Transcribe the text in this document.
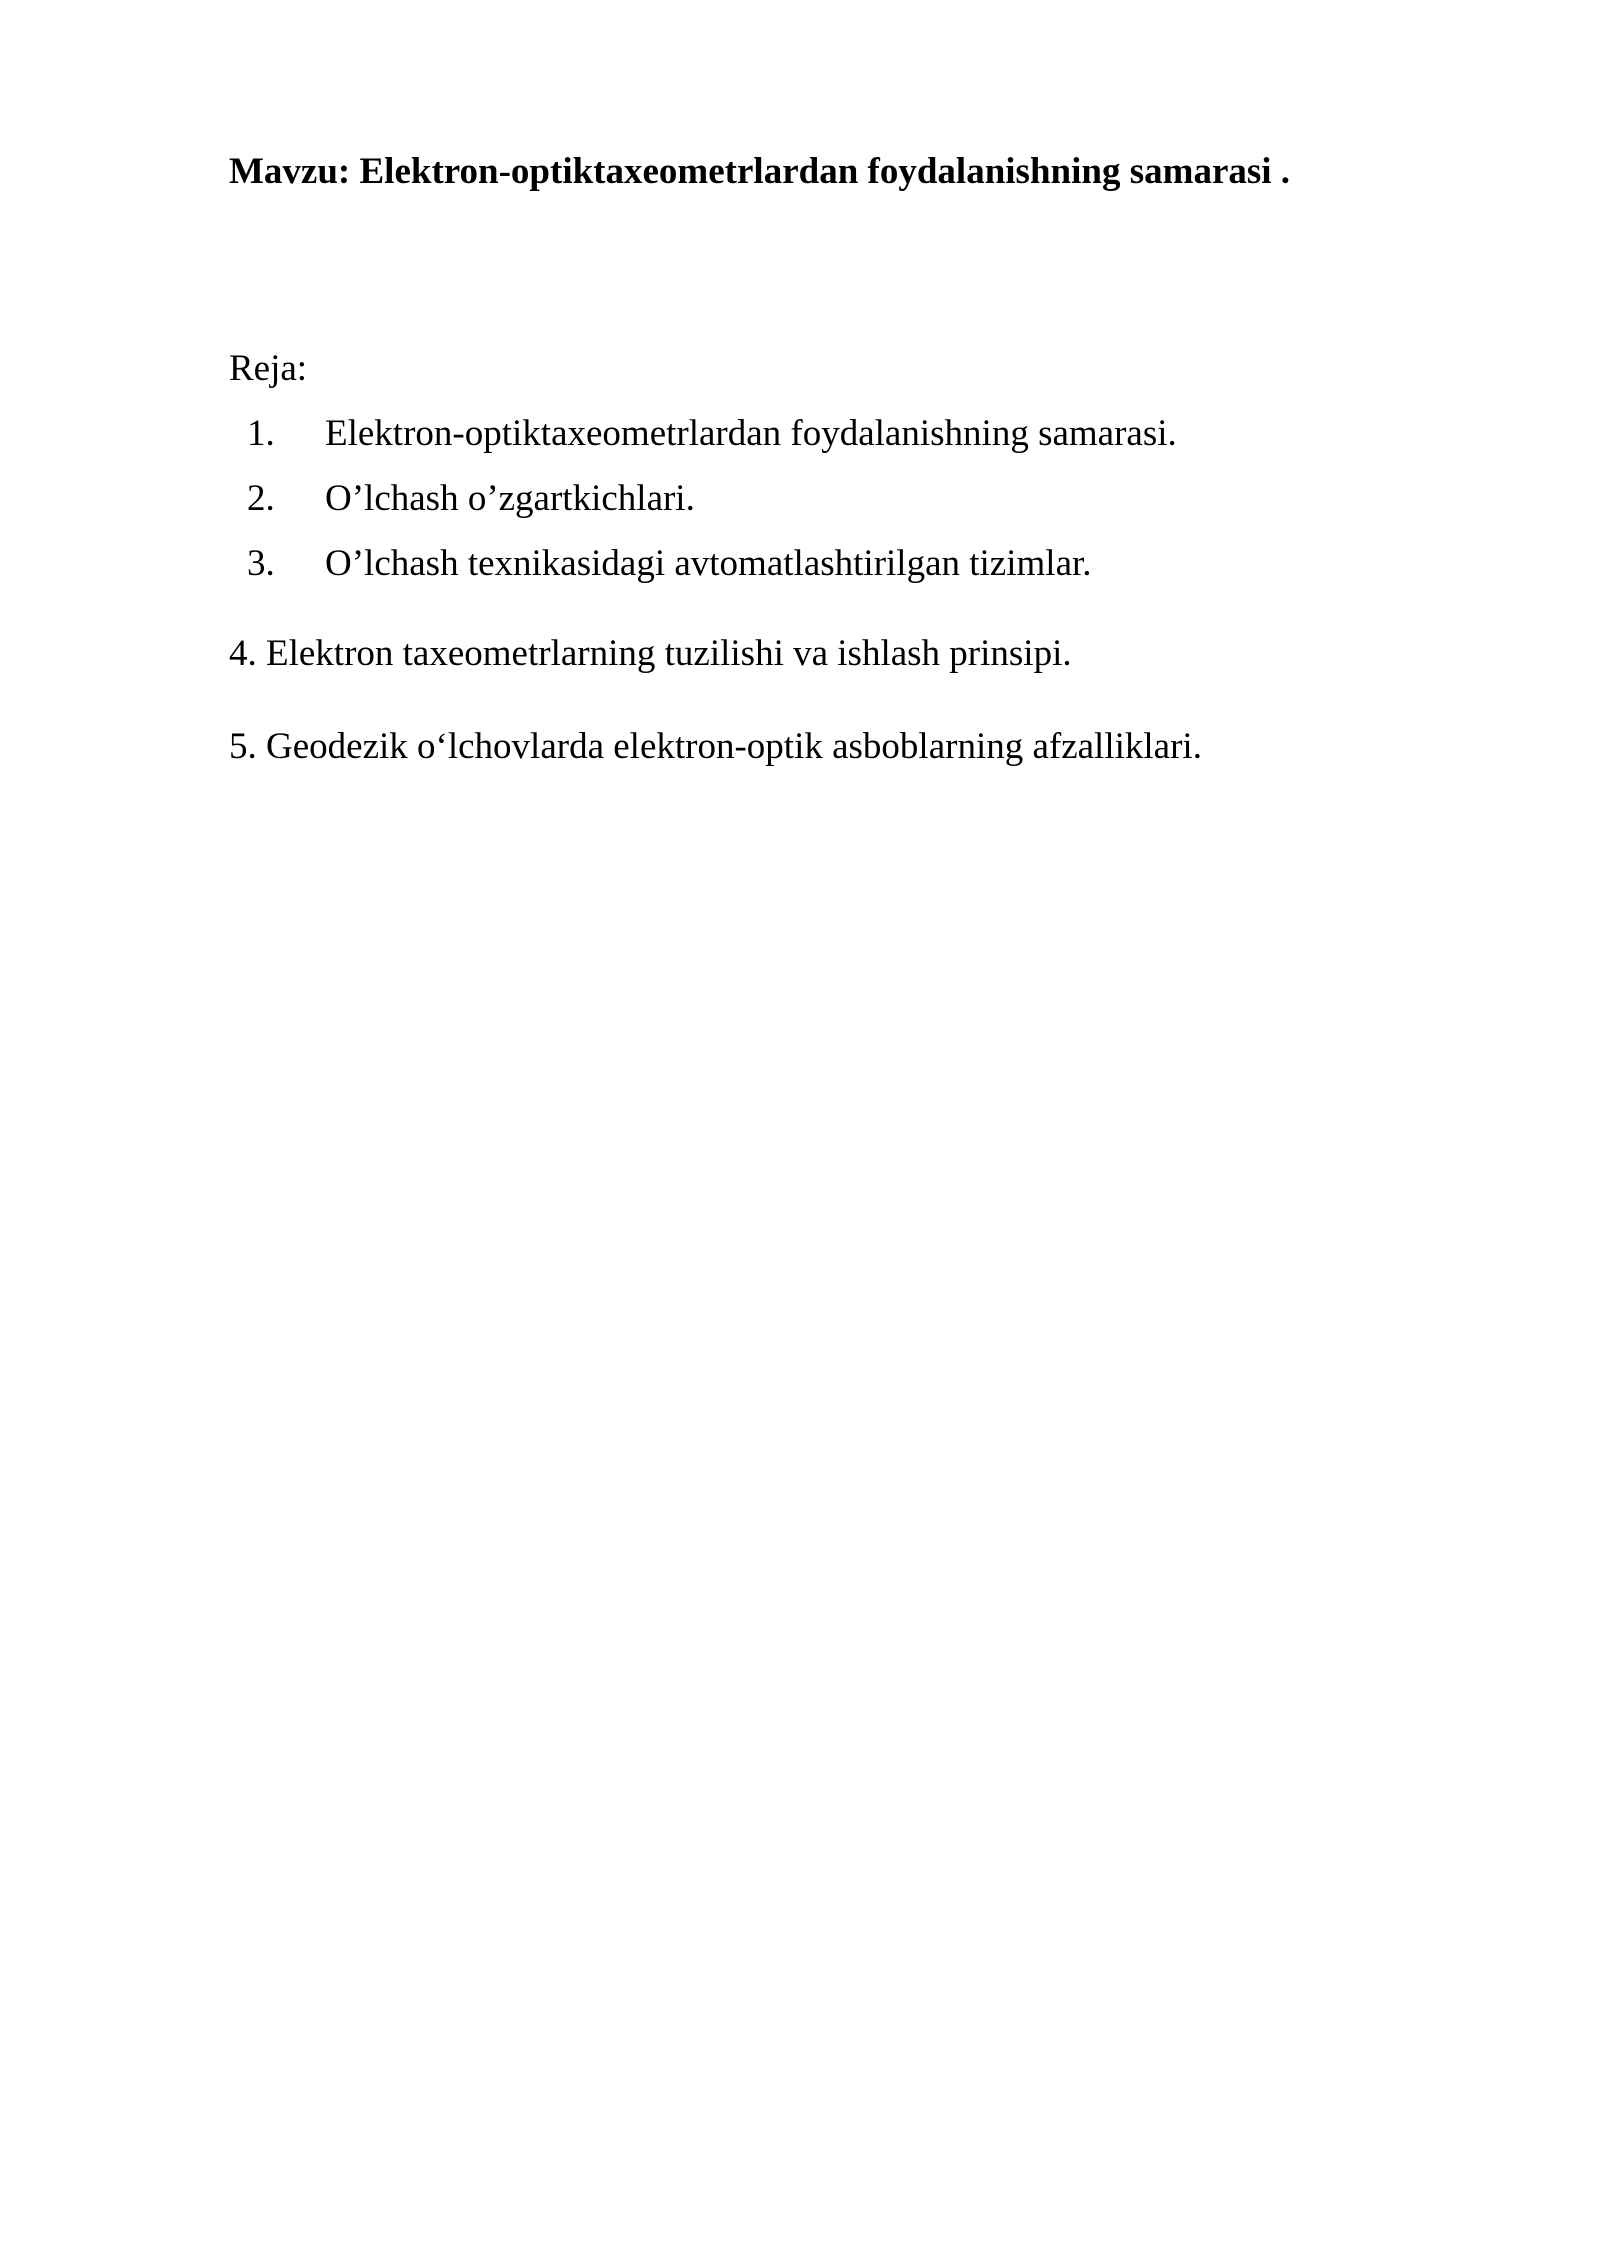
Mavzu: Elektron-optiktaxeometrlardan foydalanishning samarasi .
Reja:
1. Elektron-optiktaxeometrlardan foydalanishning samarasi.
2. O’lchash o’zgartkichlari.
3. O’lchash texnikasidagi avtomatlashtirilgan tizimlar.
4. Elektron taxeometrlarning tuzilishi va ishlash prinsipi.
5. Geodezik o‘lchovlarda elektron-optik asboblarning afzalliklari.
